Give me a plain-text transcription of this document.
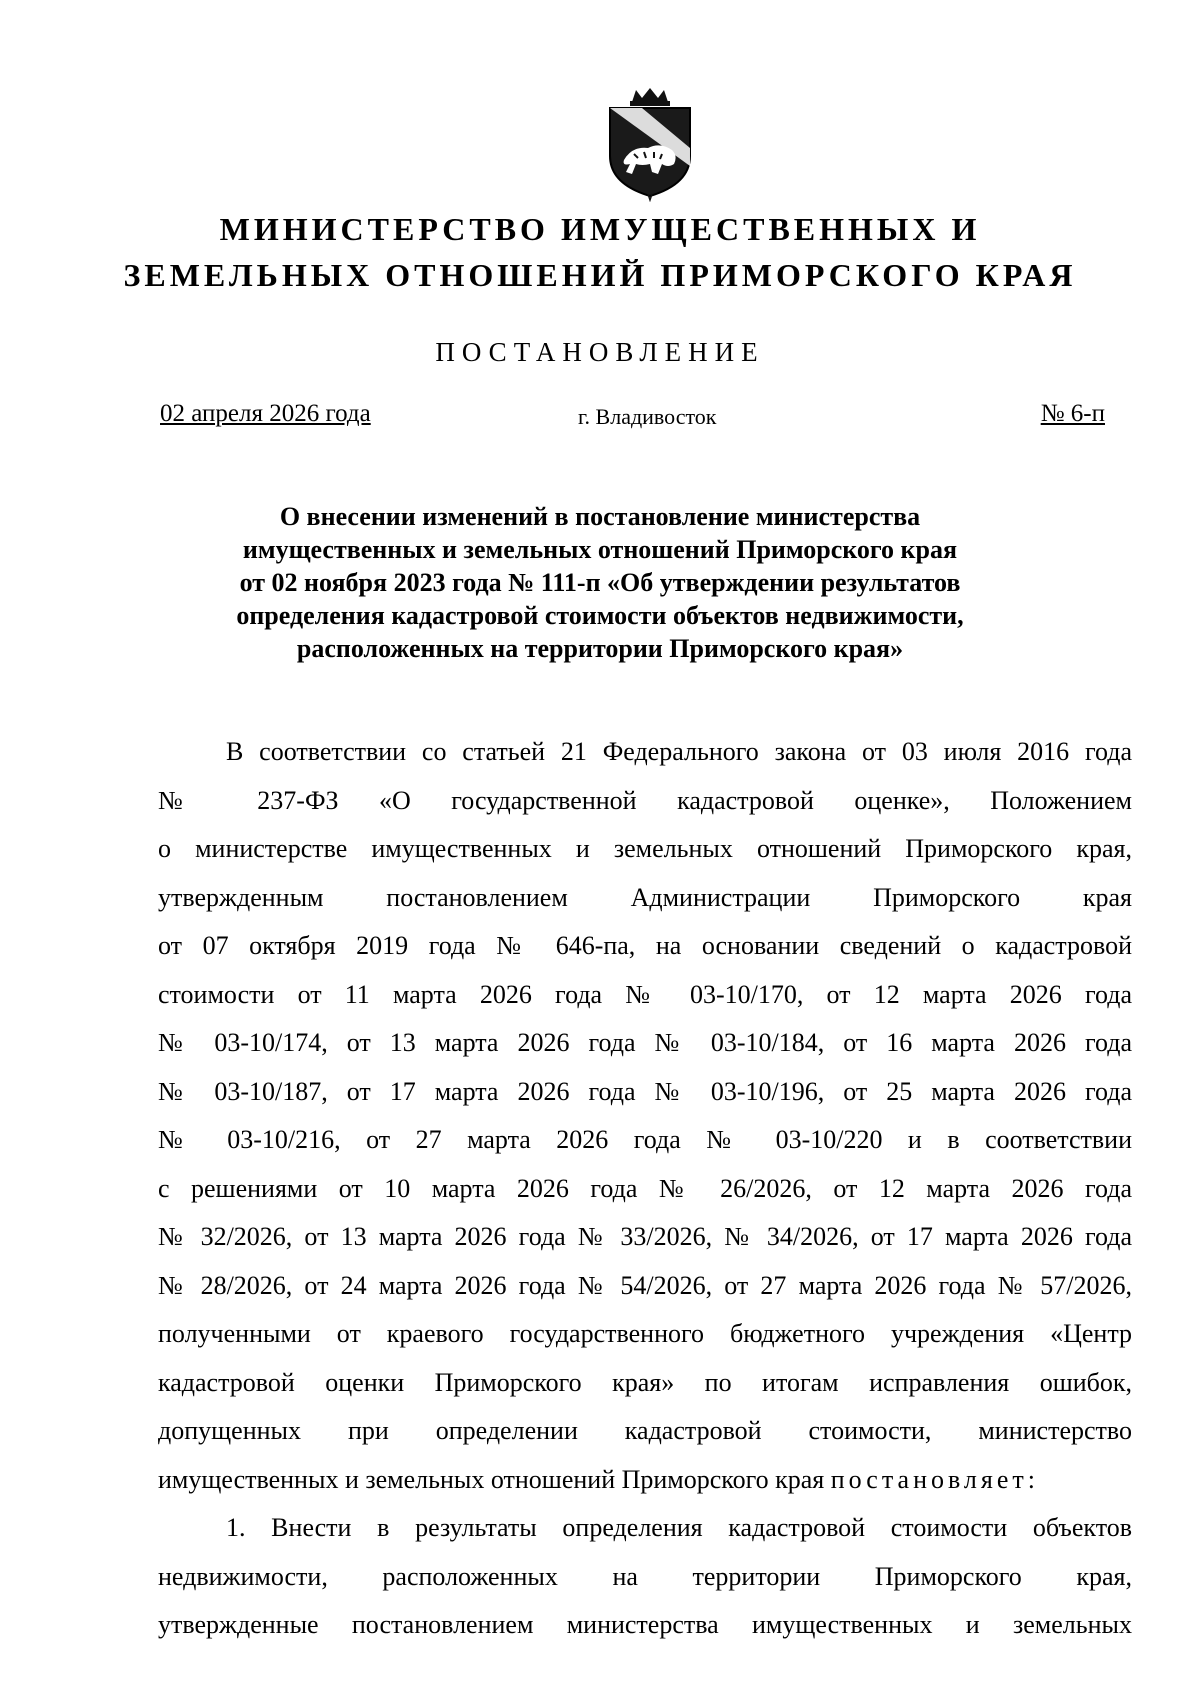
МИНИСТЕРСТВО ИМУЩЕСТВЕННЫХ И
ЗЕМЕЛЬНЫХ ОТНОШЕНИЙ ПРИМОРСКОГО КРАЯ
ПОСТАНОВЛЕНИЕ
02 апреля 2026 года	г. Владивосток	№ 6-п
О внесении изменений в постановление министерства
имущественных и земельных отношений Приморского края
от 02 ноября 2023 года № 111-п «Об утверждении результатов
определения кадастровой стоимости объектов недвижимости,
расположенных на территории Приморского края»
В соответствии со статьей 21 Федерального закона от 03 июля 2016 года
№ 237-ФЗ «О государственной кадастровой оценке», Положением
о министерстве имущественных и земельных отношений Приморского края,
утвержденным постановлением Администрации Приморского края
от 07 октября 2019 года № 646-па, на основании сведений о кадастровой
стоимости от 11 марта 2026 года № 03-10/170, от 12 марта 2026 года
№ 03-10/174, от 13 марта 2026 года № 03-10/184, от 16 марта 2026 года
№ 03-10/187, от 17 марта 2026 года № 03-10/196, от 25 марта 2026 года
№ 03-10/216, от 27 марта 2026 года № 03-10/220 и в соответствии
с решениями от 10 марта 2026 года № 26/2026, от 12 марта 2026 года
№ 32/2026, от 13 марта 2026 года № 33/2026, № 34/2026, от 17 марта 2026 года
№ 28/2026, от 24 марта 2026 года № 54/2026, от 27 марта 2026 года № 57/2026,
полученными от краевого государственного бюджетного учреждения «Центр
кадастровой оценки Приморского края» по итогам исправления ошибок,
допущенных при определении кадастровой стоимости, министерство
имущественных и земельных отношений Приморского края постановляет:
1. Внести в результаты определения кадастровой стоимости объектов
недвижимости, расположенных на территории Приморского края,
утвержденные постановлением министерства имущественных и земельных
